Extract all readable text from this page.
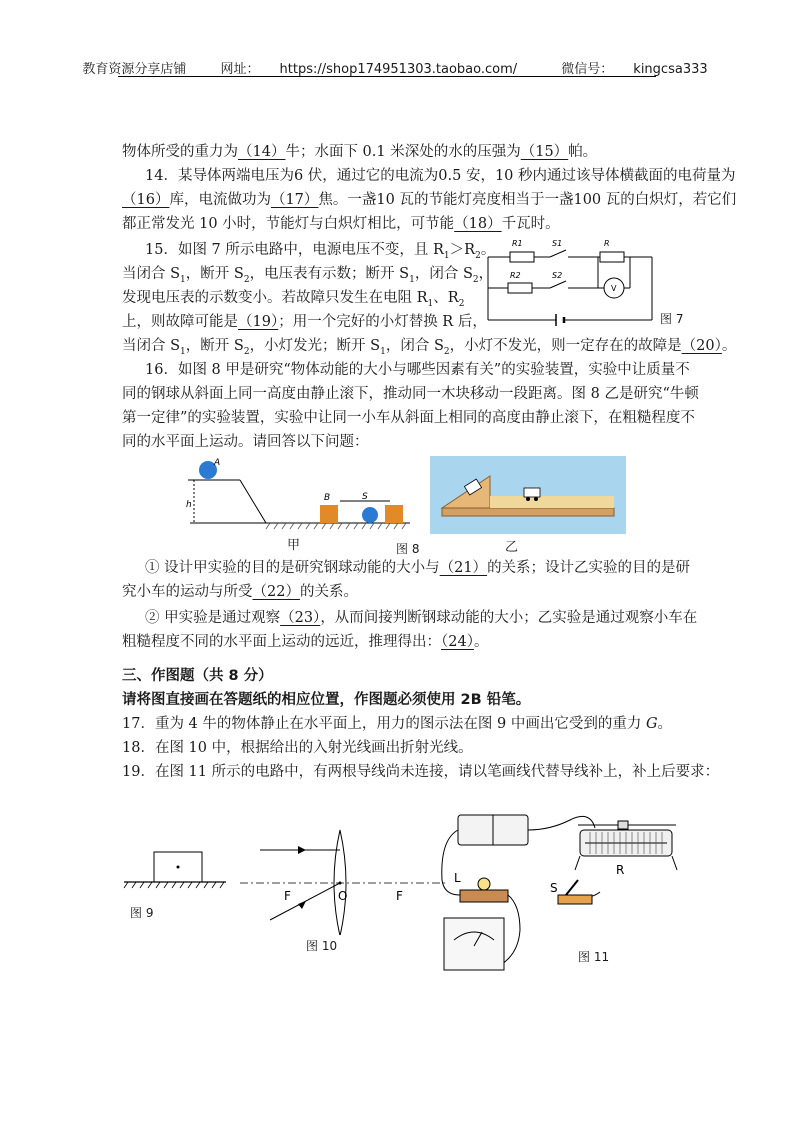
教育资源分享店铺	网址： https://shop174951303.taobao.com/	微信号： kingcsa333
物体所受的重力为（14）牛；水面下 0.1 米深处的水的压强为（15）帕。
14．某导体两端电压为6 伏，通过它的电流为0.5 安，10 秒内通过该导体横截面的电荷量为
（16）库，电流做功为（17）焦。一盏10 瓦的节能灯亮度相当于一盏100 瓦的白炽灯，若它们
都正常发光 10 小时，节能灯与白炽灯相比，可节能（18）千瓦时。
15．如图 7 所示电路中，电源电压不变，且 $R_1>R_2$。
当闭合 $S_1$，断开 $S_2$，电压表有示数；断开 $S_1$，闭合 $S_2$，
发现电压表的示数变小。若故障只发生在电阻 $R_1$、$R_2$
上，则故障可能是（19）；用一个完好的小灯替换 R 后，
当闭合 $S_1$，断开 $S_2$，小灯发光；断开 $S_1$，闭合 $S_2$，小灯不发光，则一定存在的故障是（20）。
R1	S1	R
R2	S2
V
图 7
16．如图 8 甲是研究“物体动能的大小与哪些因素有关”的实验装置，实验中让质量不
同的钢球从斜面上同一高度由静止滚下，推动同一木块移动一段距离。图 8 乙是研究“牛顿
第一定律”的实验装置，实验中让同一小车从斜面上相同的高度由静止滚下，在粗糙程度不
同的水平面上运动。请回答以下问题：
A
h
B	S
甲	图 8	乙
① 设计甲实验的目的是研究钢球动能的大小与（21）的关系；设计乙实验的目的是研
究小车的运动与所受（22）的关系。
② 甲实验是通过观察（23），从而间接判断钢球动能的大小；乙实验是通过观察小车在
粗糙程度不同的水平面上运动的远近，推理得出：（24）。
三、作图题（共 8 分）
请将图直接画在答题纸的相应位置，作图题必须使用 2B 铅笔。
17．重为 4 牛的物体静止在水平面上，用力的图示法在图 9 中画出它受到的重力 G。
18．在图 10 中，根据给出的入射光线画出折射光线。
19．在图 11 所示的电路中，有两根导线尚未连接，请以笔画线代替导线补上，补上后要求：
图 9
F	O	F
图 10
L
S
R
图 11
